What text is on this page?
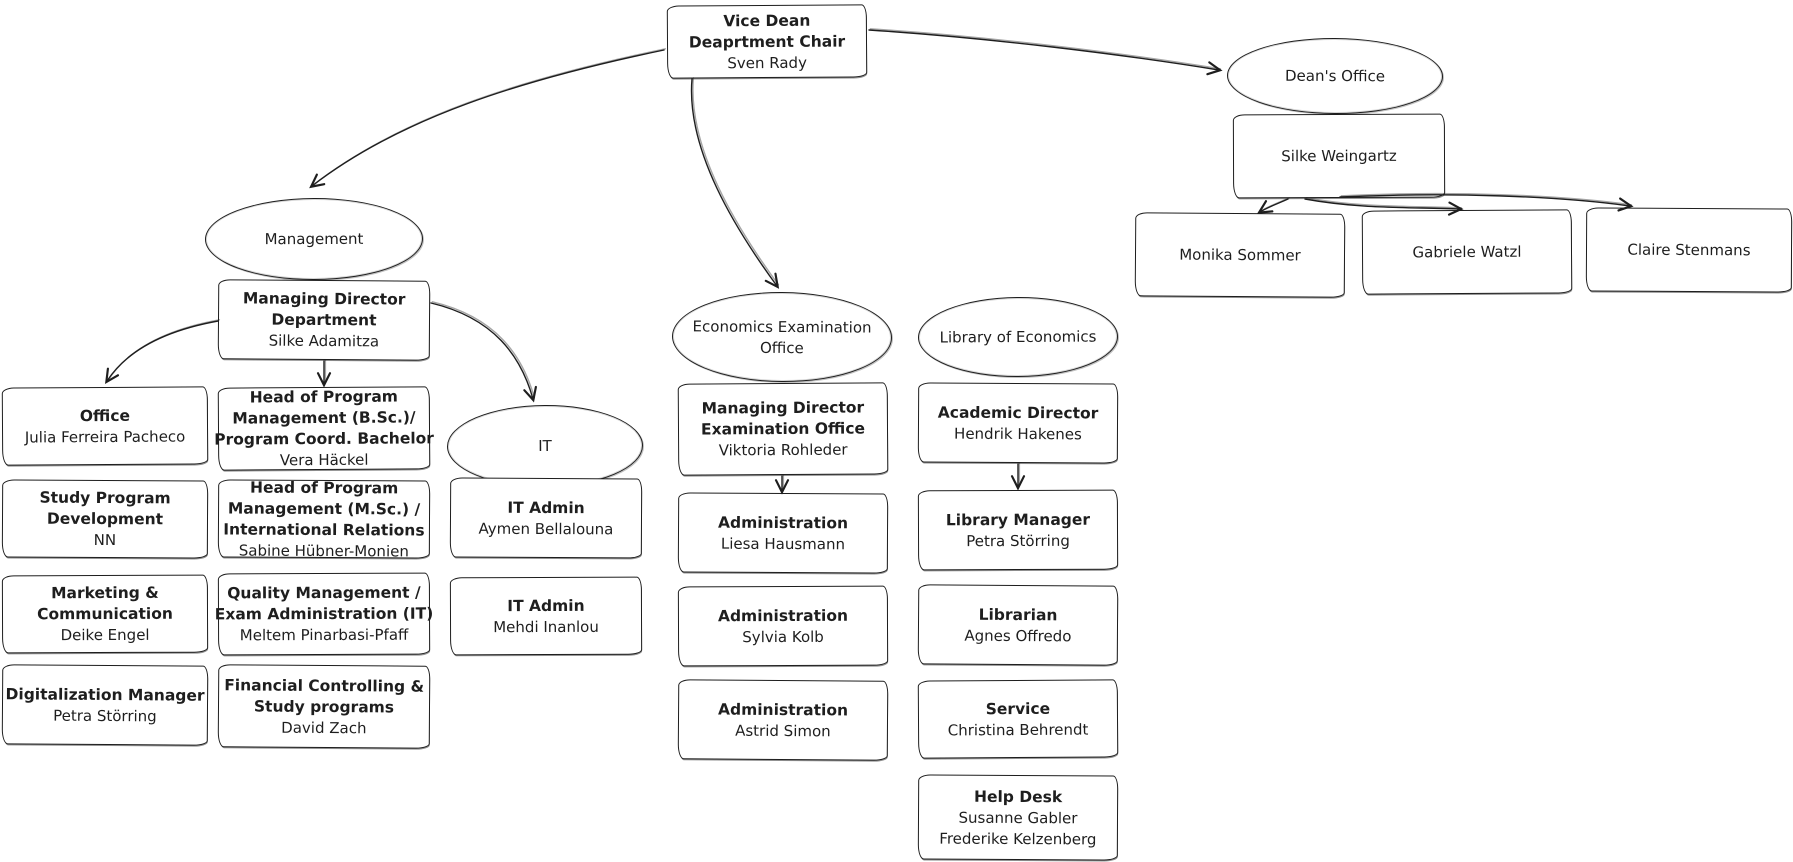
Vice Dean
Deaprtment Chair
Sven Rady
Dean's Office
Silke Weingartz
Monika Sommer	Gabriele Watzl	Claire Stenmans
Management
Managing Director
Department
Silke Adamitza
Office
Julia Ferreira Pacheco
Study Program
Development
NN
Marketing &
Communication
Deike Engel
Digitalization Manager
Petra Störring
Head of Program
Management (B.Sc.)/
Program Coord. Bachelor
Vera Häckel
Head of Program
Management (M.Sc.) /
International Relations
Sabine Hübner-Monien
Quality Management /
Exam Administration (IT)
Meltem Pinarbasi-Pfaff
Financial Controlling &
Study programs
David Zach
IT
IT Admin
Aymen Bellalouna
IT Admin
Mehdi Inanlou
Economics Examination
Office
Managing Director
Examination Office
Viktoria Rohleder
Administration
Liesa Hausmann
Administration
Sylvia Kolb
Administration
Astrid Simon
Library of Economics
Academic Director
Hendrik Hakenes
Library Manager
Petra Störring
Librarian
Agnes Offredo
Service
Christina Behrendt
Help Desk
Susanne Gabler
Frederike Kelzenberg
